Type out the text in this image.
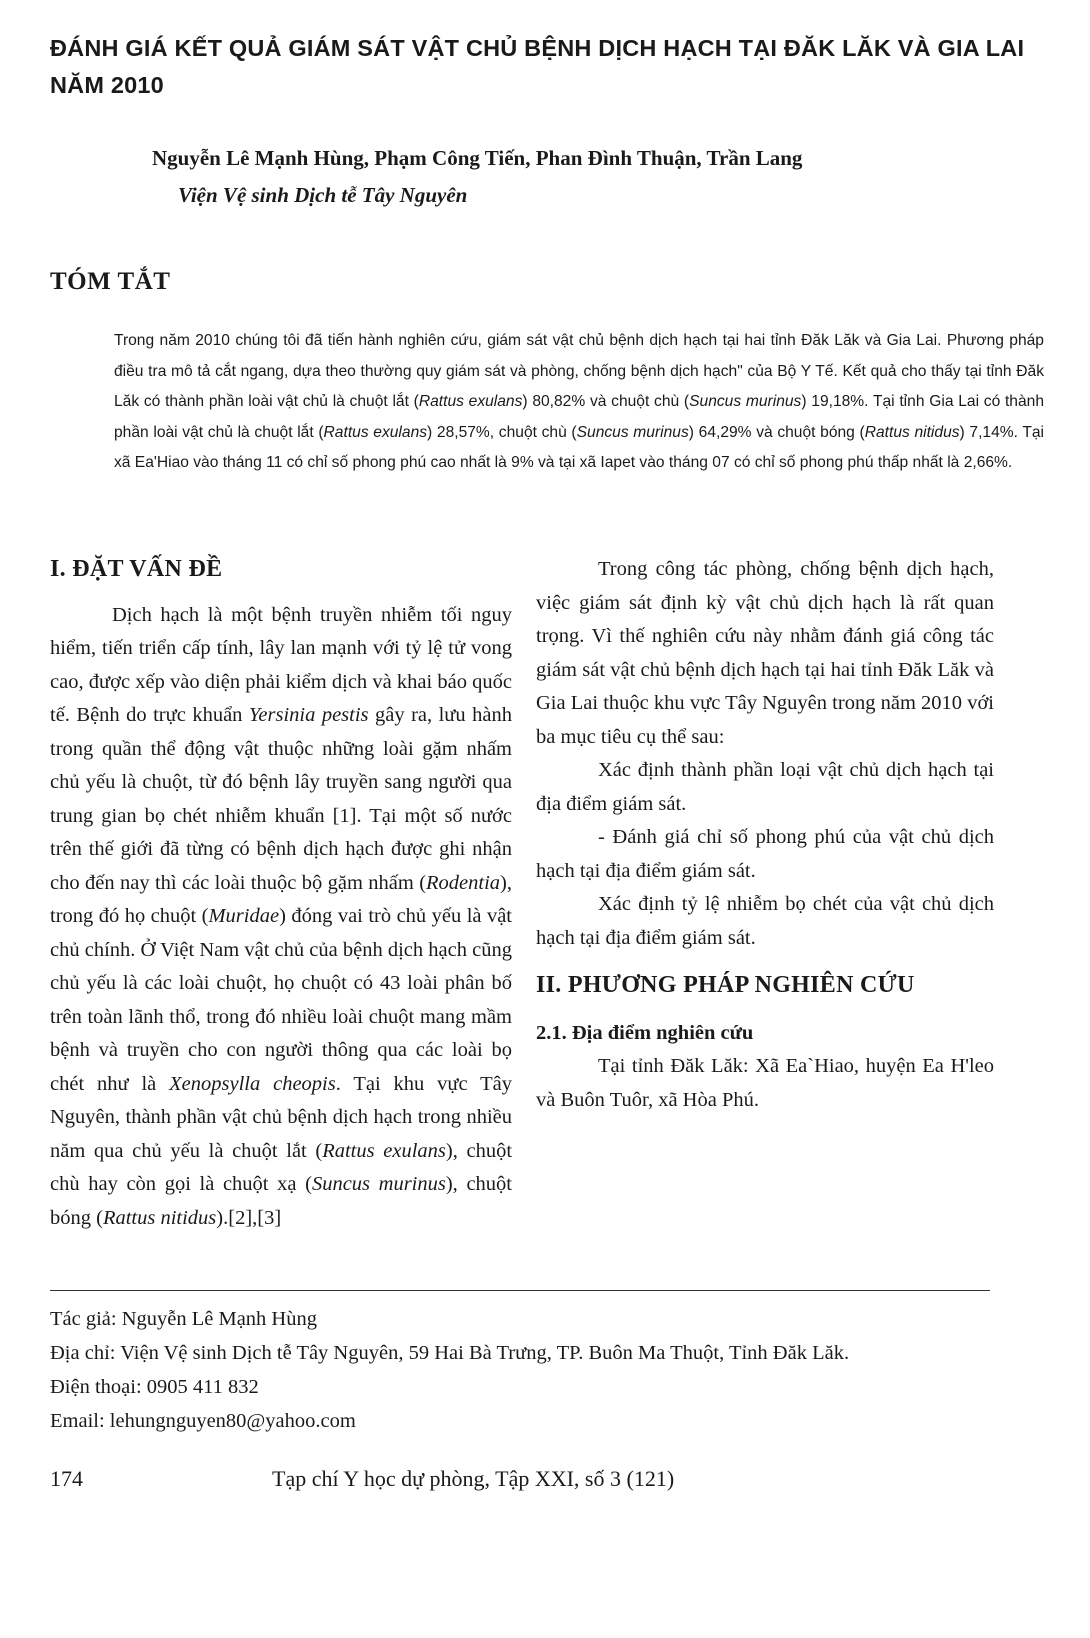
ĐÁNH GIÁ KẾT QUẢ GIÁM SÁT VẬT CHỦ BỆNH DỊCH HẠCH TẠI ĐĂK LĂK VÀ GIA LAI NĂM 2010

Nguyễn Lê Mạnh Hùng, Phạm Công Tiến, Phan Đình Thuận, Trần Lang

Viện Vệ sinh Dịch tễ Tây Nguyên

TÓM TẮT

Trong năm 2010 chúng tôi đã tiến hành nghiên cứu, giám sát vật chủ bệnh dịch hạch tại hai tỉnh Đăk Lăk và Gia Lai. Phương pháp điều tra mô tả cắt ngang, dựa theo thường quy giám sát và phòng, chống bệnh dịch hạch" của Bộ Y Tế. Kết quả cho thấy tại tỉnh Đăk Lăk có thành phần loài vật chủ là chuột lắt (Rattus exulans) 80,82% và chuột chù (Suncus murinus) 19,18%. Tại tỉnh Gia Lai có thành phần loài vật chủ là chuột lắt (Rattus exulans) 28,57%, chuột chù (Suncus murinus) 64,29% và chuột bóng (Rattus nitidus) 7,14%. Tại xã Ea'Hiao vào tháng 11 có chỉ số phong phú cao nhất là 9% và tại xã Iapet vào tháng 07 có chỉ số phong phú thấp nhất là 2,66%.

I. ĐẶT VẤN ĐỀ

Dịch hạch là một bệnh truyền nhiễm tối nguy hiểm, tiến triển cấp tính, lây lan mạnh với tỷ lệ tử vong cao, được xếp vào diện phải kiểm dịch và khai báo quốc tế. Bệnh do trực khuẩn Yersinia pestis gây ra, lưu hành trong quần thể động vật thuộc những loài gặm nhấm chủ yếu là chuột, từ đó bệnh lây truyền sang người qua trung gian bọ chét nhiễm khuẩn [1]. Tại một số nước trên thế giới đã từng có bệnh dịch hạch được ghi nhận cho đến nay thì các loài thuộc bộ gặm nhấm (Rodentia), trong đó họ chuột (Muridae) đóng vai trò chủ yếu là vật chủ chính. Ở Việt Nam vật chủ của bệnh dịch hạch cũng chủ yếu là các loài chuột, họ chuột có 43 loài phân bố trên toàn lãnh thổ, trong đó nhiều loài chuột mang mầm bệnh và truyền cho con người thông qua các loài bọ chét như là Xenopsylla cheopis. Tại khu vực Tây Nguyên, thành phần vật chủ bệnh dịch hạch trong nhiều năm qua chủ yếu là chuột lắt (Rattus exulans), chuột chù hay còn gọi là chuột xạ (Suncus murinus), chuột bóng (Rattus nitidus).[2],[3]

Trong công tác phòng, chống bệnh dịch hạch, việc giám sát định kỳ vật chủ dịch hạch là rất quan trọng. Vì thế nghiên cứu này nhằm đánh giá công tác giám sát vật chủ bệnh dịch hạch tại hai tỉnh Đăk Lăk và Gia Lai thuộc khu vực Tây Nguyên trong năm 2010 với ba mục tiêu cụ thể sau:

Xác định thành phần loại vật chủ dịch hạch tại địa điểm giám sát.

- Đánh giá chỉ số phong phú của vật chủ dịch hạch tại địa điểm giám sát.

Xác định tỷ lệ nhiễm bọ chét của vật chủ dịch hạch tại địa điểm giám sát.

II. PHƯƠNG PHÁP NGHIÊN CỨU
2.1. Địa điểm nghiên cứu

Tại tỉnh Đăk Lăk: Xã Ea`Hiao, huyện Ea H'leo và Buôn Tuôr, xã Hòa Phú.

Tác giả: Nguyễn Lê Mạnh Hùng
Địa chỉ: Viện Vệ sinh Dịch tễ Tây Nguyên, 59 Hai Bà Trưng, TP. Buôn Ma Thuột, Tỉnh Đăk Lăk.
Điện thoại: 0905 411 832
Email: lehungnguyen80@yahoo.com
174	Tạp chí Y học dự phòng, Tập XXI, số 3 (121)
